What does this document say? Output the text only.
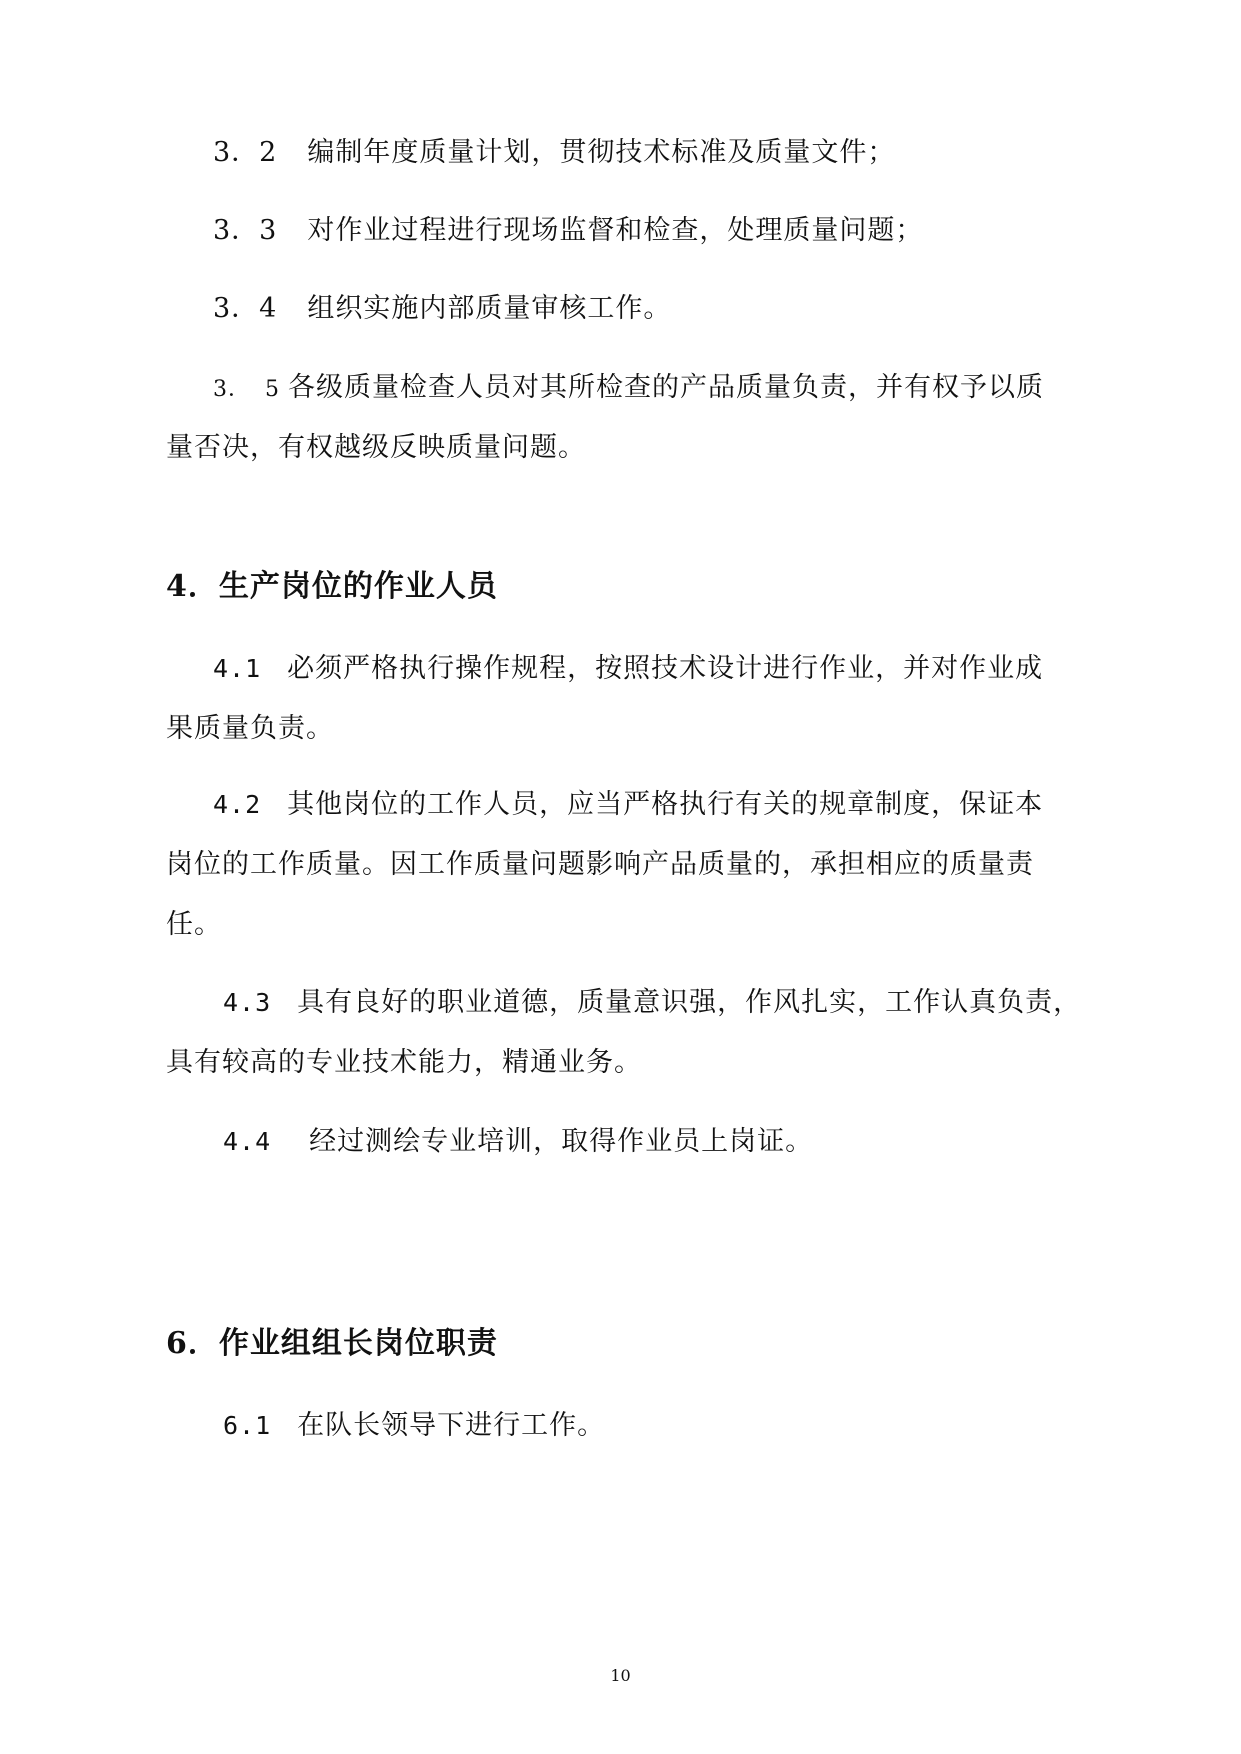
3．2 编制年度质量计划，贯彻技术标准及质量文件；
3．3 对作业过程进行现场监督和检查，处理质量问题；
3．4 组织实施内部质量审核工作。
3． 5 各级质量检查人员对其所检查的产品质量负责，并有权予以质
量否决，有权越级反映质量问题。
4．生产岗位的作业人员
4.1 必须严格执行操作规程，按照技术设计进行作业，并对作业成
果质量负责。
4.2 其他岗位的工作人员，应当严格执行有关的规章制度，保证本
岗位的工作质量。因工作质量问题影响产品质量的，承担相应的质量责
任。
4.3 具有良好的职业道德，质量意识强，作风扎实，工作认真负责，
具有较高的专业技术能力，精通业务。
4.4 经过测绘专业培训，取得作业员上岗证。
6．作业组组长岗位职责
6.1 在队长领导下进行工作。
10
